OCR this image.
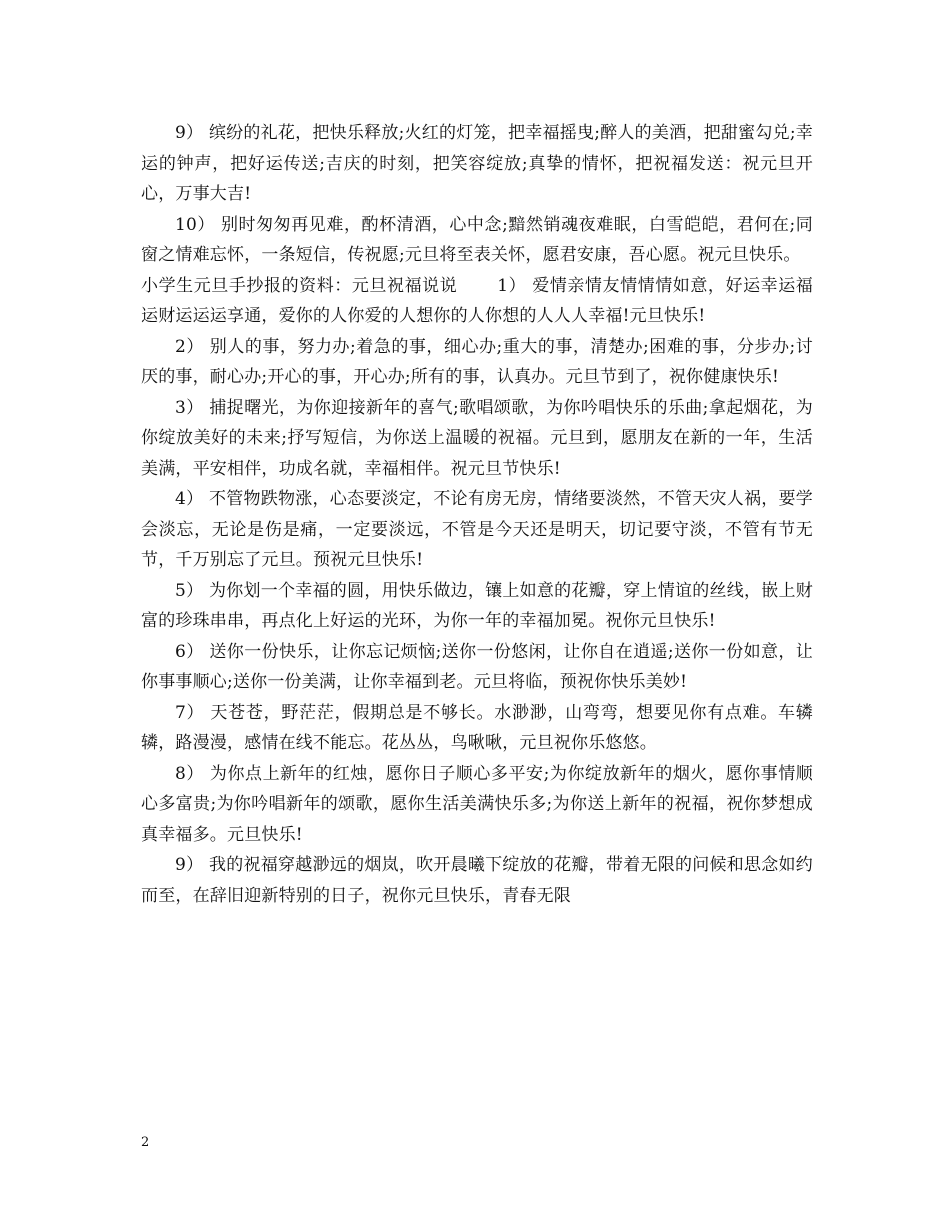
9） 缤纷的礼花，把快乐释放;火红的灯笼，把幸福摇曳;醉人的美酒，把甜蜜勾兑;幸运的钟声，把好运传送;吉庆的时刻，把笑容绽放;真挚的情怀，把祝福发送：祝元旦开心，万事大吉!

10） 别时匆匆再见难，酌杯清酒，心中念;黯然销魂夜难眠，白雪皑皑，君何在;同窗之情难忘怀，一条短信，传祝愿;元旦将至表关怀，愿君安康，吾心愿。祝元旦快乐。

小学生元旦手抄报的资料：元旦祝福说说 1） 爱情亲情友情情情如意，好运幸运福运财运运运享通，爱你的人你爱的人想你的人你想的人人人幸福!元旦快乐!

2） 别人的事，努力办;着急的事，细心办;重大的事，清楚办;困难的事，分步办;讨厌的事，耐心办;开心的事，开心办;所有的事，认真办。元旦节到了，祝你健康快乐!

3） 捕捉曙光，为你迎接新年的喜气;歌唱颂歌，为你吟唱快乐的乐曲;拿起烟花，为你绽放美好的未来;抒写短信，为你送上温暖的祝福。元旦到，愿朋友在新的一年，生活美满，平安相伴，功成名就，幸福相伴。祝元旦节快乐!

4） 不管物跌物涨，心态要淡定，不论有房无房，情绪要淡然，不管天灾人祸，要学会淡忘，无论是伤是痛，一定要淡远，不管是今天还是明天，切记要守淡，不管有节无节，千万别忘了元旦。预祝元旦快乐!

5） 为你划一个幸福的圆，用快乐做边，镶上如意的花瓣，穿上情谊的丝线，嵌上财富的珍珠串串，再点化上好运的光环，为你一年的幸福加冕。祝你元旦快乐!

6） 送你一份快乐，让你忘记烦恼;送你一份悠闲，让你自在逍遥;送你一份如意，让你事事顺心;送你一份美满，让你幸福到老。元旦将临，预祝你快乐美妙!

7） 天苍苍，野茫茫，假期总是不够长。水渺渺，山弯弯，想要见你有点难。车辚辚，路漫漫，感情在线不能忘。花丛丛，鸟啾啾，元旦祝你乐悠悠。

8） 为你点上新年的红烛，愿你日子顺心多平安;为你绽放新年的烟火，愿你事情顺心多富贵;为你吟唱新年的颂歌，愿你生活美满快乐多;为你送上新年的祝福，祝你梦想成真幸福多。元旦快乐!

9） 我的祝福穿越渺远的烟岚，吹开晨曦下绽放的花瓣，带着无限的问候和思念如约而至，在辞旧迎新特别的日子，祝你元旦快乐，青春无限

2
